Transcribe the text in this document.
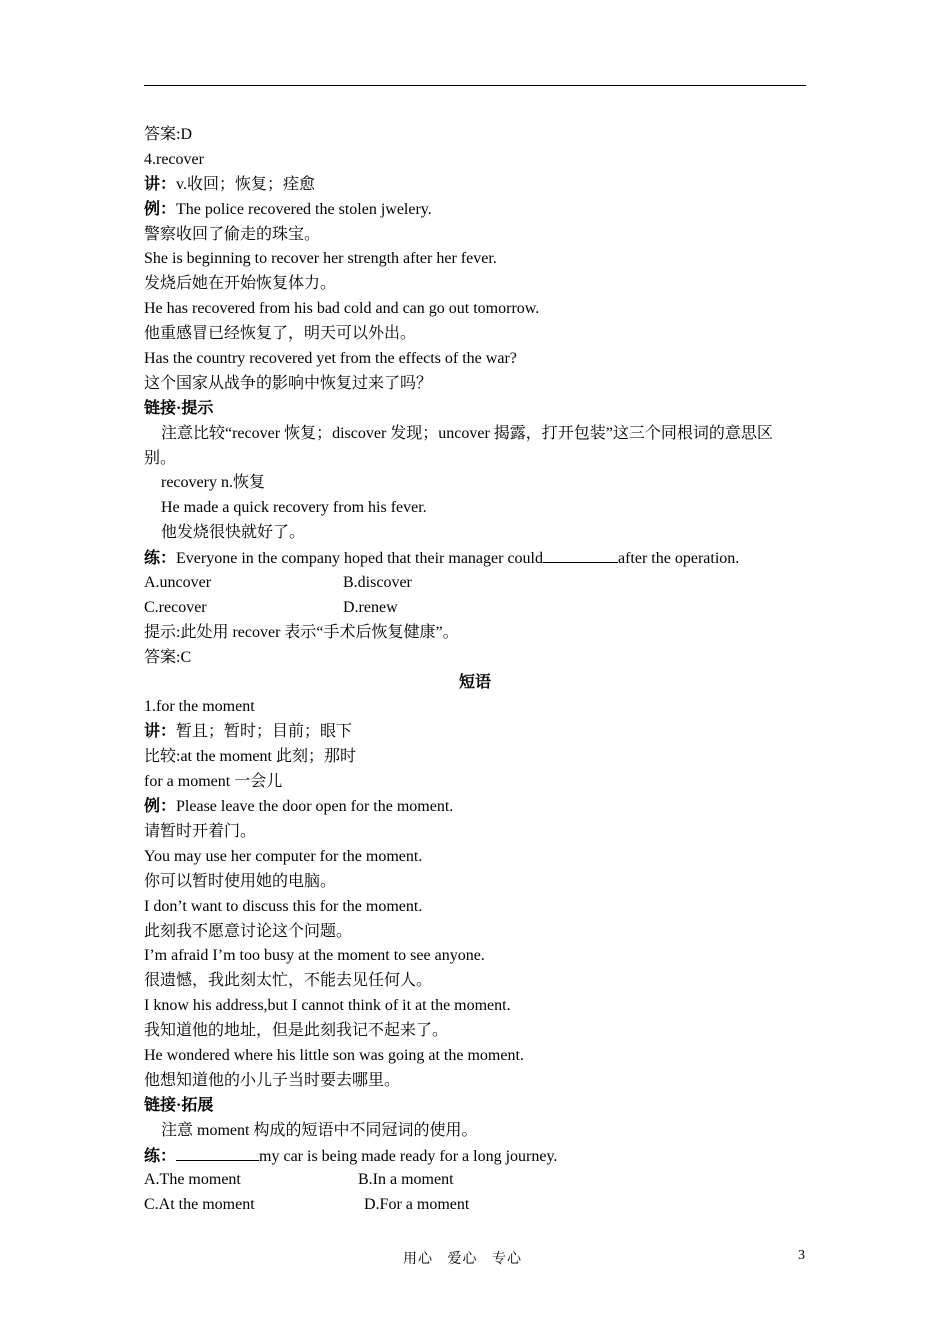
答案:D
4.recover
讲：v.收回；恢复；痊愈
例：The police recovered the stolen jwelery.
警察收回了偷走的珠宝。
She is beginning to recover her strength after her fever.
发烧后她在开始恢复体力。
He has recovered from his bad cold and can go out tomorrow.
他重感冒已经恢复了，明天可以外出。
Has the country recovered yet from the effects of the war?
这个国家从战争的影响中恢复过来了吗？
链接·提示
注意比较“recover 恢复；discover 发现；uncover 揭露，打开包装”这三个同根词的意思区
别。
recovery n.恢复
He made a quick recovery from his fever.
他发烧很快就好了。
练：Everyone in the company hoped that their manager could	after the operation.
A.uncover	B.discover
C.recover	D.renew
提示:此处用 recover 表示“手术后恢复健康”。
答案:C
短语
1.for the moment
讲：暂且；暂时；目前；眼下
比较:at the moment 此刻；那时
for a moment 一会儿
例：Please leave the door open for the moment.
请暂时开着门。
You may use her computer for the moment.
你可以暂时使用她的电脑。
I don’t want to discuss this for the moment.
此刻我不愿意讨论这个问题。
I’m afraid I’m too busy at the moment to see anyone.
很遗憾，我此刻太忙，不能去见任何人。
I know his address,but I cannot think of it at the moment.
我知道他的地址，但是此刻我记不起来了。
He wondered where his little son was going at the moment.
他想知道他的小儿子当时要去哪里。
链接·拓展
注意 moment 构成的短语中不同冠词的使用。
练：	my car is being made ready for a long journey.
A.The moment	B.In a moment
C.At the moment	D.For a moment
用心 爱心 专心	3
